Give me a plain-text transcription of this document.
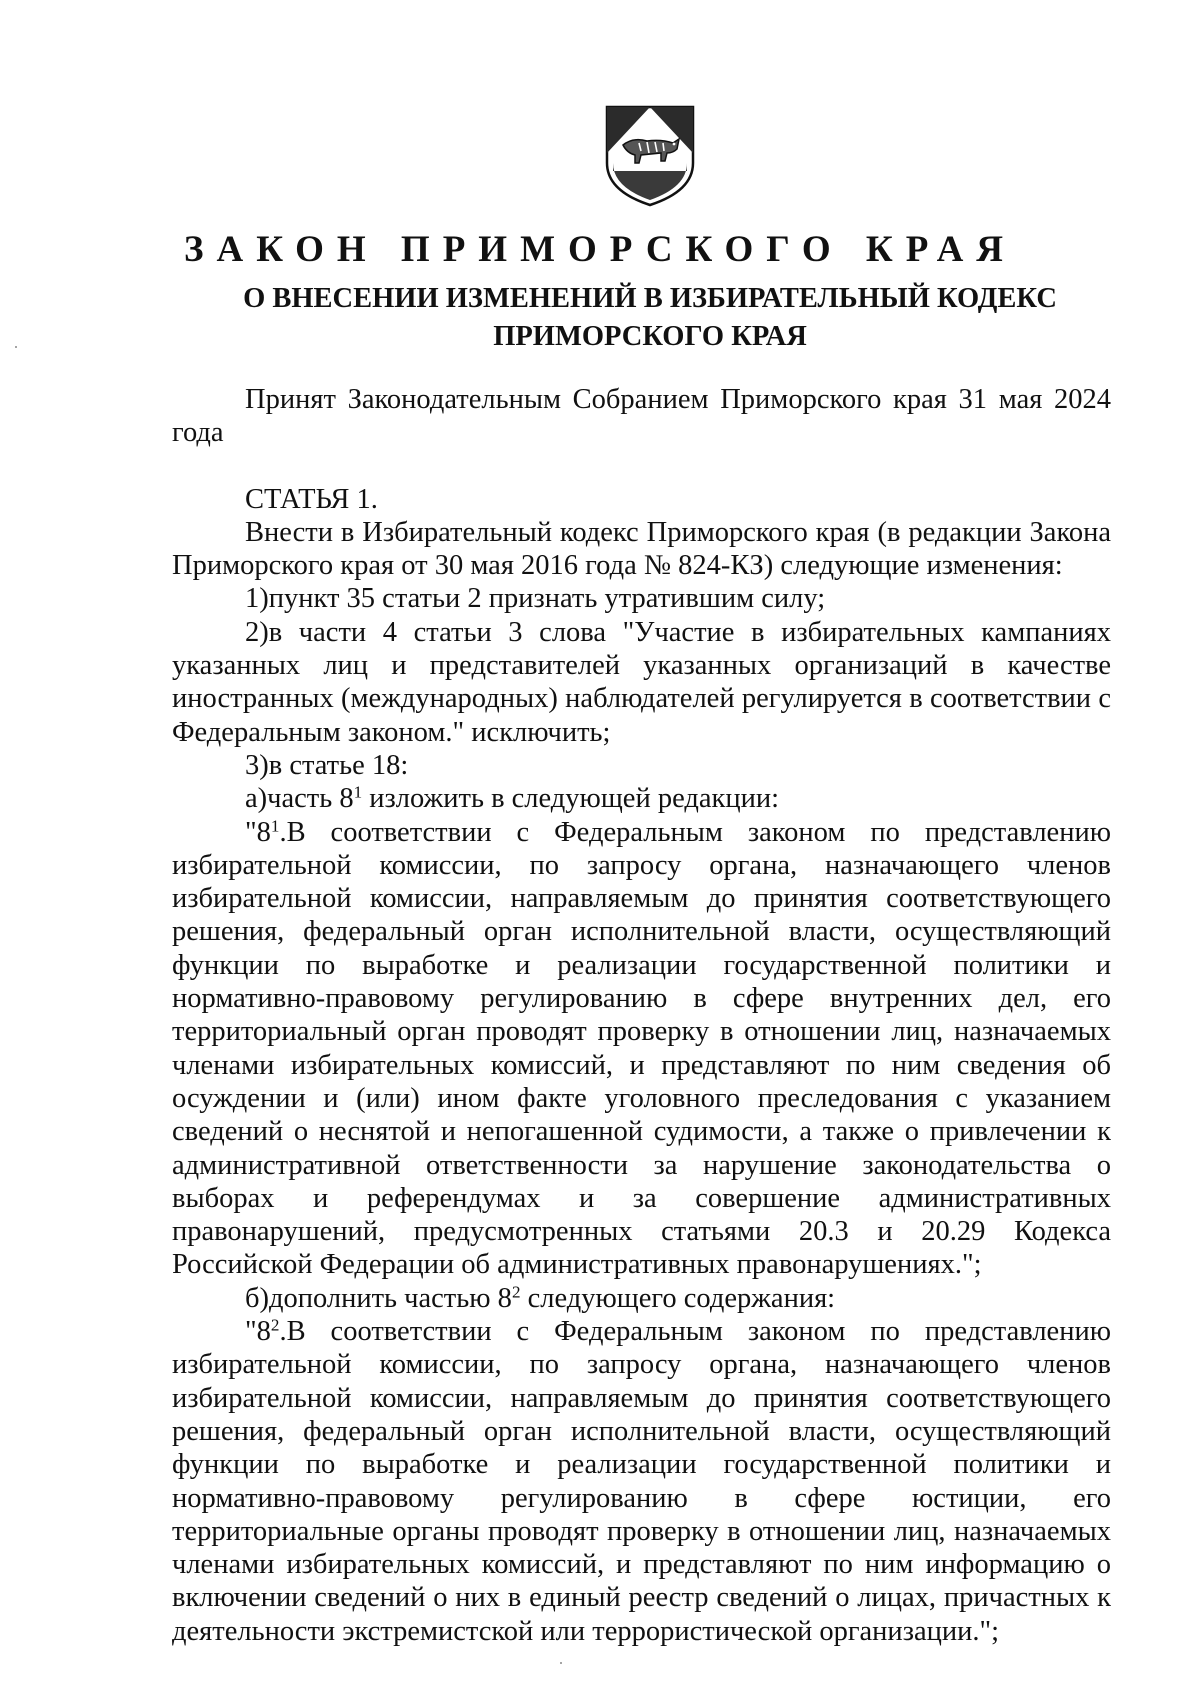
ЗАКОН ПРИМОРСКОГО КРАЯ
О ВНЕСЕНИИ ИЗМЕНЕНИЙ В ИЗБИРАТЕЛЬНЫЙ КОДЕКС
ПРИМОРСКОГО КРАЯ

Принят Законодательным Собранием Приморского края 31 мая 2024 года

СТАТЬЯ 1.

Внести в Избирательный кодекс Приморского края (в редакции Закона Приморского края от 30 мая 2016 года № 824-КЗ) следующие изменения:

1)пункт 35 статьи 2 признать утратившим силу;

2)в части 4 статьи 3 слова "Участие в избирательных кампаниях указанных лиц и представителей указанных организаций в качестве иностранных (международных) наблюдателей регулируется в соответствии с Федеральным законом." исключить;

3)в статье 18:

а)часть $8^1$ изложить в следующей редакции:

"$8^1.В$ соответствии с Федеральным законом по представлению избирательной комиссии, по запросу органа, назначающего членов избирательной комиссии, направляемым до принятия соответствующего решения, федеральный орган исполнительной власти, осуществляющий функции по выработке и реализации государственной политики и нормативно-правовому регулированию в сфере внутренних дел, его территориальный орган проводят проверку в отношении лиц, назначаемых членами избирательных комиссий, и представляют по ним сведения об осуждении и (или) ином факте уголовного преследования с указанием сведений о неснятой и непогашенной судимости, а также о привлечении к административной ответственности за нарушение законодательства о выборах и референдумах и за совершение административных правонарушений, предусмотренных статьями 20.3 и 20.29 Кодекса Российской Федерации об административных правонарушениях.";

б)дополнить частью $8^2$ следующего содержания:

"$8^2.В$ соответствии с Федеральным законом по представлению избирательной комиссии, по запросу органа, назначающего членов избирательной комиссии, направляемым до принятия соответствующего решения, федеральный орган исполнительной власти, осуществляющий функции по выработке и реализации государственной политики и нормативно-правовому регулированию в сфере юстиции, его территориальные органы проводят проверку в отношении лиц, назначаемых членами избирательных комиссий, и представляют по ним информацию о включении сведений о них в единый реестр сведений о лицах, причастных к деятельности экстремистской или террористической организации.";
